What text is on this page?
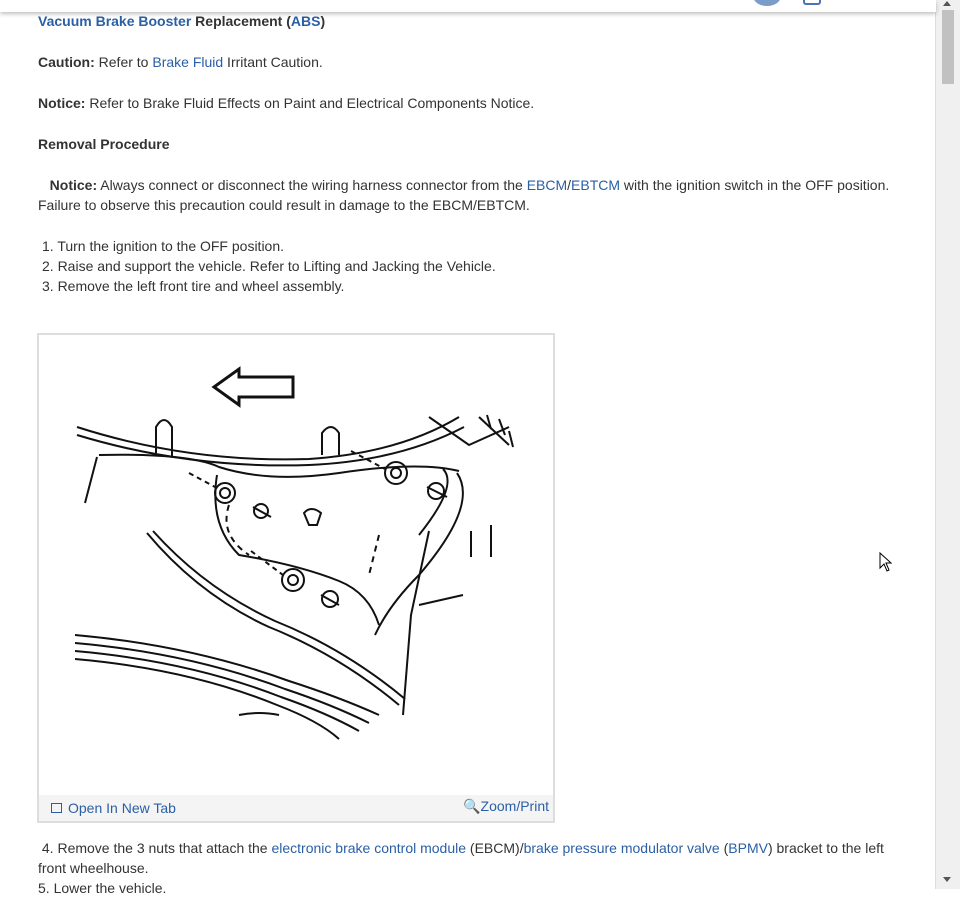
Vacuum Brake Booster Replacement (ABS)

Caution: Refer to Brake Fluid Irritant Caution.

Notice: Refer to Brake Fluid Effects on Paint and Electrical Components Notice.

Removal Procedure

Notice: Always connect or disconnect the wiring harness connector from the EBCM/EBTCM with the ignition switch in the OFF position. Failure to observe this precaution could result in damage to the EBCM/EBTCM.

1. Turn the ignition to the OFF position.
2. Raise and support the vehicle. Refer to Lifting and Jacking the Vehicle.
3. Remove the left front tire and wheel assembly.
Open In New Tab	🔍Zoom/Print

4. Remove the 3 nuts that attach the electronic brake control module (EBCM)/brake pressure modulator valve (BPMV) bracket to the left front wheelhouse.

5. Lower the vehicle.
